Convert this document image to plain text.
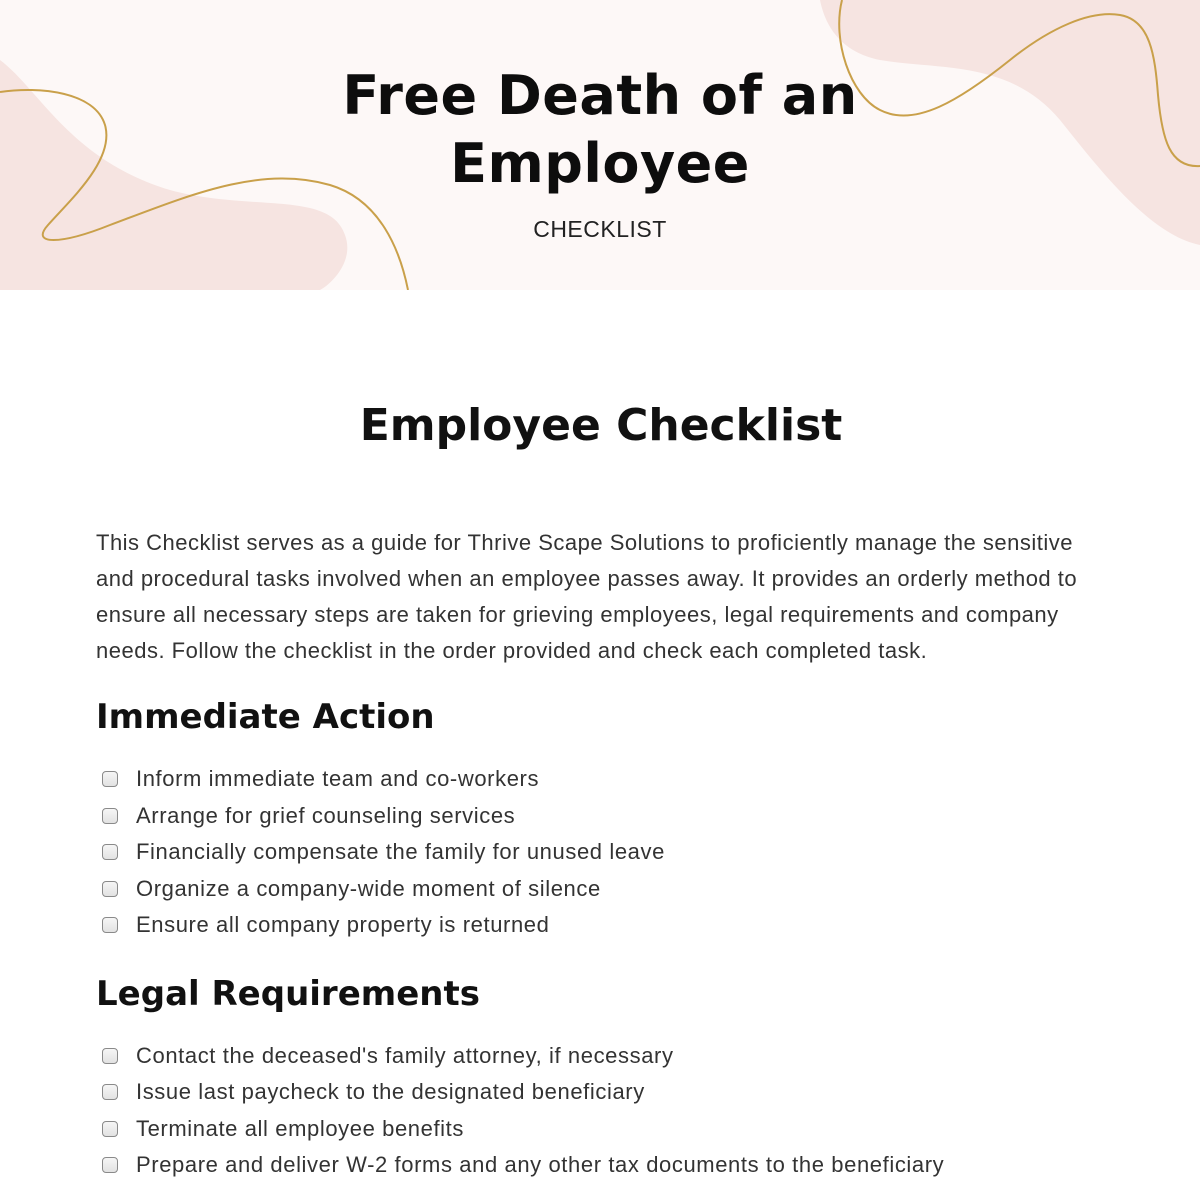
Free Death of an
Employee
CHECKLIST
Employee Checklist

This Checklist serves as a guide for Thrive Scape Solutions to proficiently manage the sensitive and procedural tasks involved when an employee passes away. It provides an orderly method to ensure all necessary steps are taken for grieving employees, legal requirements and company needs. Follow the checklist in the order provided and check each completed task.

Immediate Action
Inform immediate team and co-workers
Arrange for grief counseling services
Financially compensate the family for unused leave
Organize a company-wide moment of silence
Ensure all company property is returned
Legal Requirements
Contact the deceased's family attorney, if necessary
Issue last paycheck to the designated beneficiary
Terminate all employee benefits
Prepare and deliver W-2 forms and any other tax documents to the beneficiary
